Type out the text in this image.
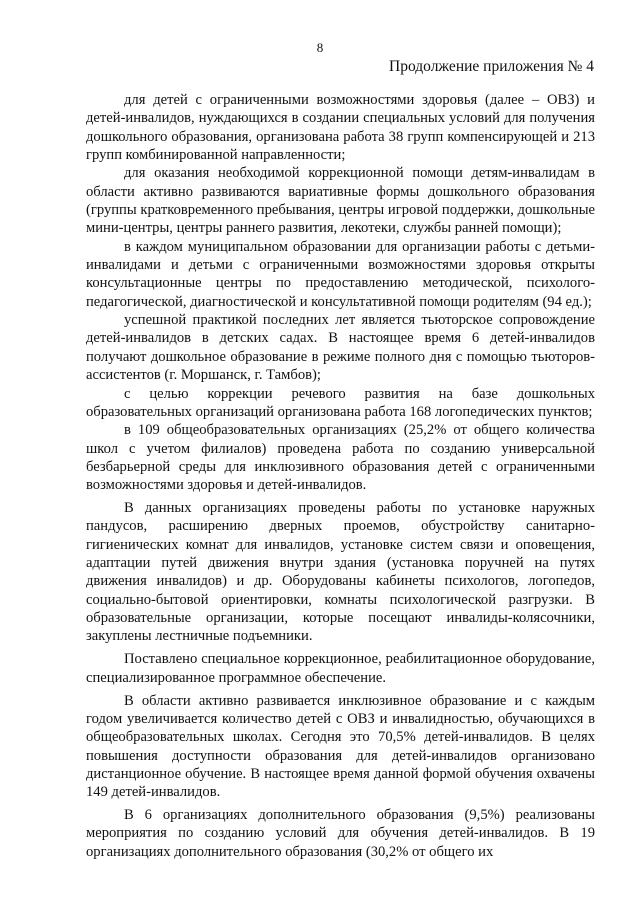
8
Продолжение приложения № 4

для детей с ограниченными возможностями здоровья (далее – ОВЗ) и детей-инвалидов, нуждающихся в создании специальных условий для получения дошкольного образования, организована работа 38 групп компенсирующей и 213 групп комбинированной направленности;

для оказания необходимой коррекционной помощи детям-инвалидам в области активно развиваются вариативные формы дошкольного образования (группы кратковременного пребывания, центры игровой поддержки, дошкольные мини-центры, центры раннего развития, лекотеки, службы ранней помощи);

в каждом муниципальном образовании для организации работы с детьми-инвалидами и детьми с ограниченными возможностями здоровья открыты консультационные центры по предоставлению методической, психолого-педагогической, диагностической и консультативной помощи родителям (94 ед.);

успешной практикой последних лет является тьюторское сопровождение детей-инвалидов в детских садах. В настоящее время 6 детей-инвалидов получают дошкольное образование в режиме полного дня с помощью тьюторов-ассистентов (г. Моршанск, г. Тамбов);

с целью коррекции речевого развития на базе дошкольных образовательных организаций организована работа 168 логопедических пунктов;

в 109 общеобразовательных организациях (25,2% от общего количества школ с учетом филиалов) проведена работа по созданию универсальной безбарьерной среды для инклюзивного образования детей с ограниченными возможностями здоровья и детей-инвалидов.

В данных организациях проведены работы по установке наружных пандусов, расширению дверных проемов, обустройству санитарно-гигиенических комнат для инвалидов, установке систем связи и оповещения, адаптации путей движения внутри здания (установка поручней на путях движения инвалидов) и др. Оборудованы кабинеты психологов, логопедов, социально-бытовой ориентировки, комнаты психологической разгрузки. В образовательные организации, которые посещают инвалиды-колясочники, закуплены лестничные подъемники.

Поставлено специальное коррекционное, реабилитационное оборудование, специализированное программное обеспечение.

В области активно развивается инклюзивное образование и с каждым годом увеличивается количество детей с ОВЗ и инвалидностью, обучающихся в общеобразовательных школах. Сегодня это 70,5% детей-инвалидов. В целях повышения доступности образования для детей-инвалидов организовано дистанционное обучение. В настоящее время данной формой обучения охвачены 149 детей-инвалидов.

В 6 организациях дополнительного образования (9,5%) реализованы мероприятия по созданию условий для обучения детей-инвалидов. В 19 организациях дополнительного образования (30,2% от общего их
